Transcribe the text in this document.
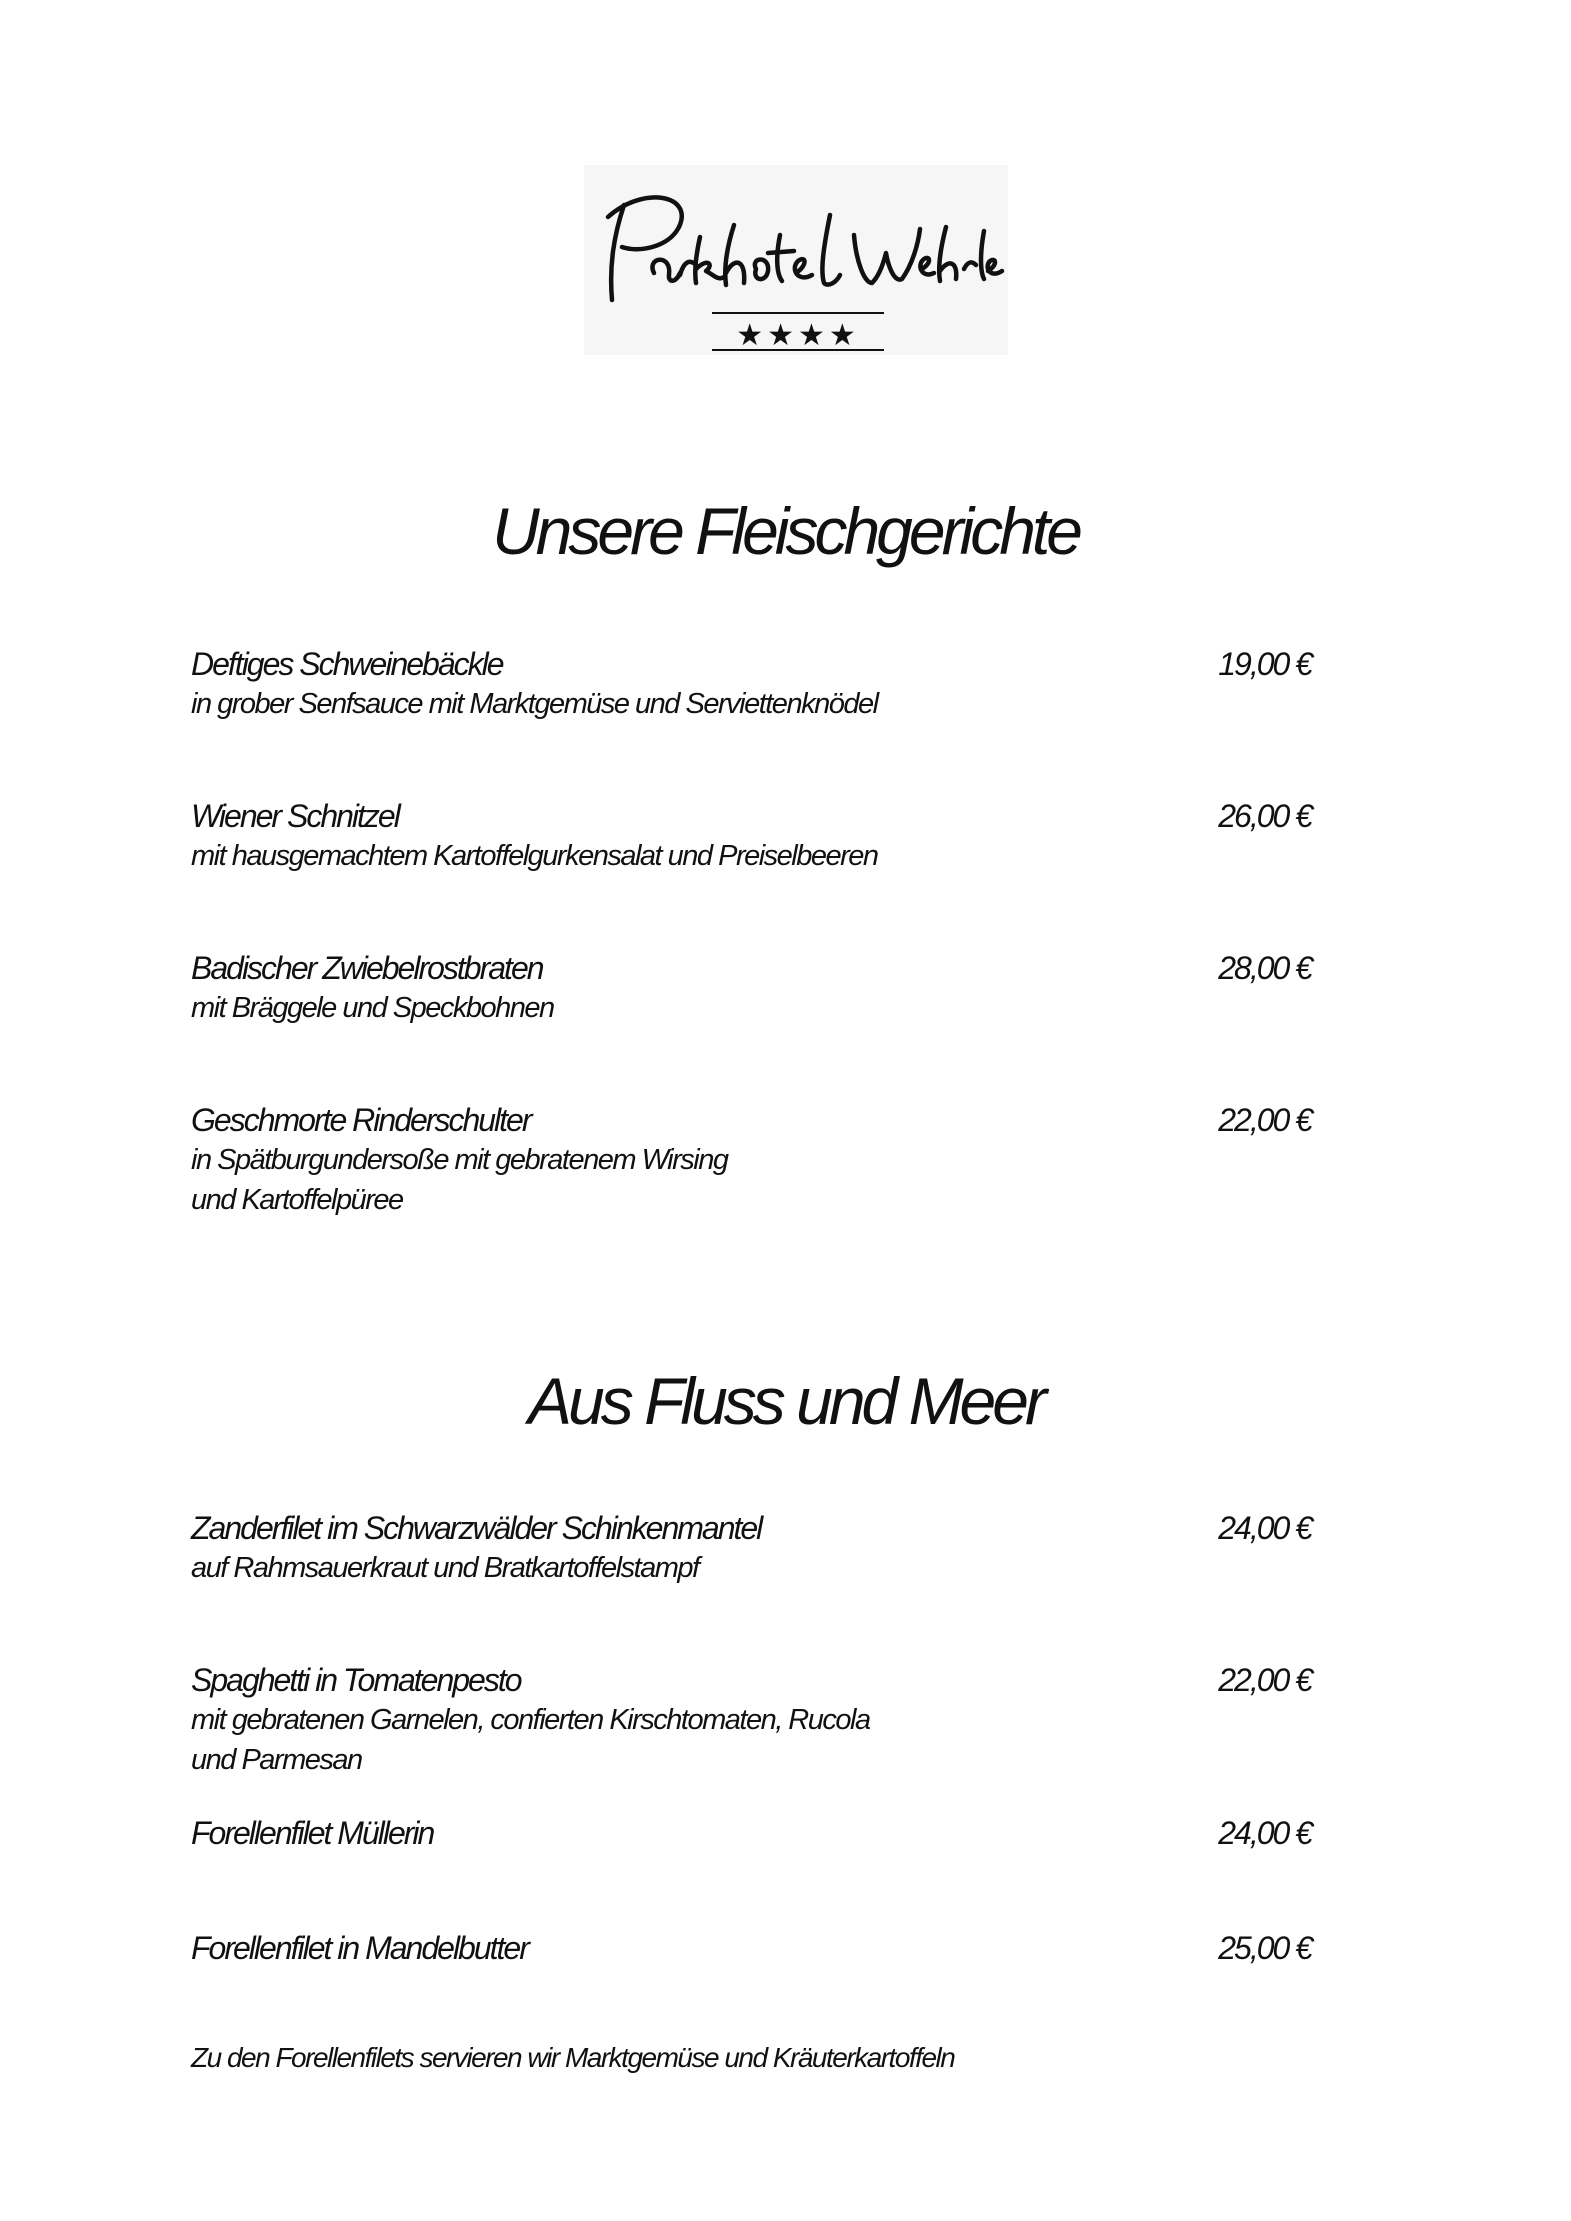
★★★★
Unsere Fleischgerichte
Deftiges Schweinebäckle
in grober Senfsauce mit Marktgemüse und Serviettenknödel
19,00 €
Wiener Schnitzel
mit hausgemachtem Kartoffelgurkensalat und Preiselbeeren
26,00 €
Badischer Zwiebelrostbraten
mit Bräggele und Speckbohnen
28,00 €
Geschmorte Rinderschulter
in Spätburgundersoße mit gebratenem Wirsing
und Kartoffelpüree
22,00 €
Aus Fluss und Meer
Zanderfilet im Schwarzwälder Schinkenmantel
auf Rahmsauerkraut und Bratkartoffelstampf
24,00 €
Spaghetti in Tomatenpesto
mit gebratenen Garnelen, confierten Kirschtomaten, Rucola
und Parmesan
22,00 €
Forellenfilet Müllerin	24,00 €
Forellenfilet in Mandelbutter	25,00 €
Zu den Forellenfilets servieren wir Marktgemüse und Kräuterkartoffeln
